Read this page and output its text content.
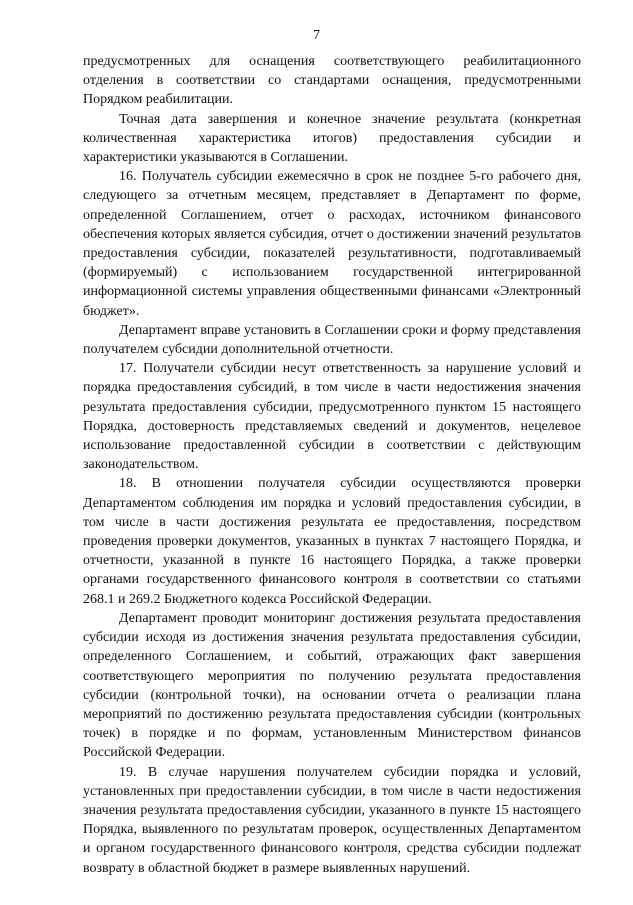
7

предусмотренных для оснащения соответствующего реабилитационного отделения в соответствии со стандартами оснащения, предусмотренными Порядком реабилитации.

Точная дата завершения и конечное значение результата (конкретная количественная характеристика итогов) предоставления субсидии и характеристики указываются в Соглашении.

16. Получатель субсидии ежемесячно в срок не позднее 5-го рабочего дня, следующего за отчетным месяцем, представляет в Департамент по форме, определенной Соглашением, отчет о расходах, источником финансового обеспечения которых является субсидия, отчет о достижении значений результатов предоставления субсидии, показателей результативности, подготавливаемый (формируемый) с использованием государственной интегрированной информационной системы управления общественными финансами «Электронный бюджет».

Департамент вправе установить в Соглашении сроки и форму представления получателем субсидии дополнительной отчетности.

17. Получатели субсидии несут ответственность за нарушение условий и порядка предоставления субсидий, в том числе в части недостижения значения результата предоставления субсидии, предусмотренного пунктом 15 настоящего Порядка, достоверность представляемых сведений и документов, нецелевое использование предоставленной субсидии в соответствии с действующим законодательством.

18. В отношении получателя субсидии осуществляются проверки Департаментом соблюдения им порядка и условий предоставления субсидии, в том числе в части достижения результата ее предоставления, посредством проведения проверки документов, указанных в пунктах 7 настоящего Порядка, и отчетности, указанной в пункте 16 настоящего Порядка, а также проверки органами государственного финансового контроля в соответствии со статьями 268.1 и 269.2 Бюджетного кодекса Российской Федерации.

Департамент проводит мониторинг достижения результата предоставления субсидии исходя из достижения значения результата предоставления субсидии, определенного Соглашением, и событий, отражающих факт завершения соответствующего мероприятия по получению результата предоставления субсидии (контрольной точки), на основании отчета о реализации плана мероприятий по достижению результата предоставления субсидии (контрольных точек) в порядке и по формам, установленным Министерством финансов Российской Федерации.

19. В случае нарушения получателем субсидии порядка и условий, установленных при предоставлении субсидии, в том числе в части недостижения значения результата предоставления субсидии, указанного в пункте 15 настоящего Порядка, выявленного по результатам проверок, осуществленных Департаментом и органом государственного финансового контроля, средства субсидии подлежат возврату в областной бюджет в размере выявленных нарушений.
